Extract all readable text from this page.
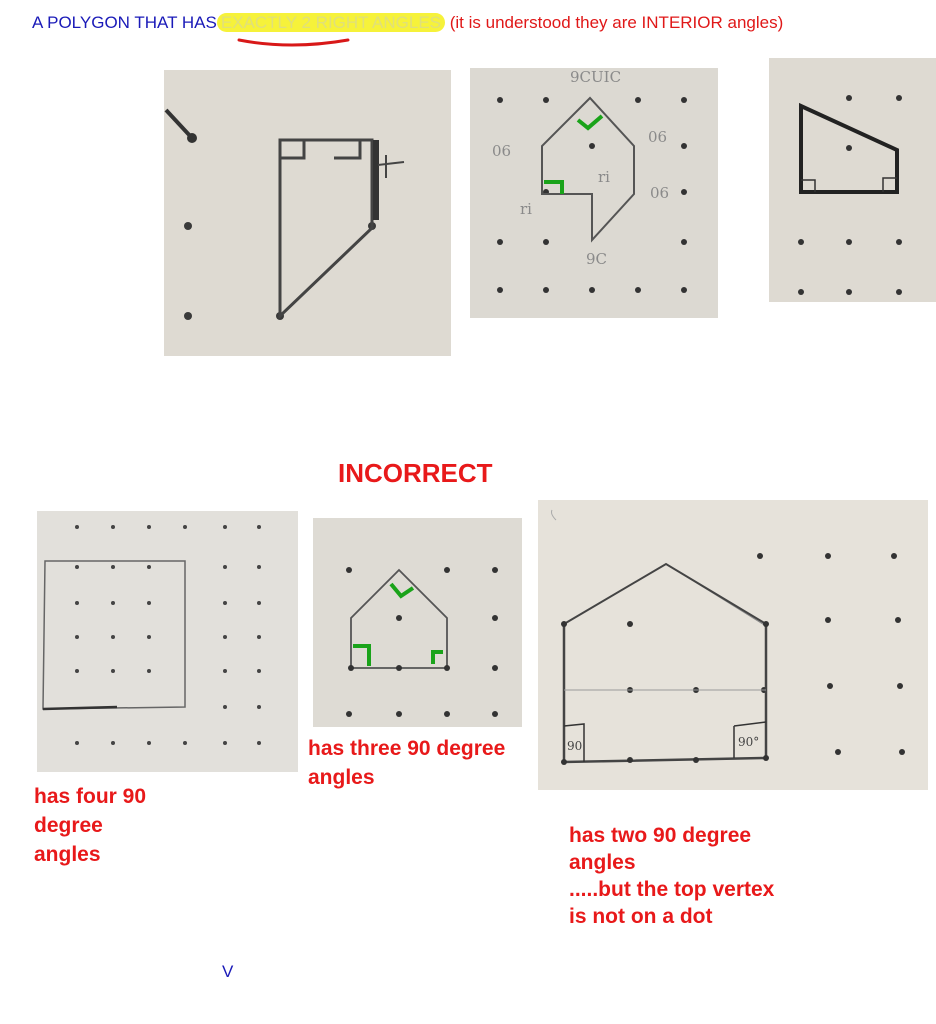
A POLYGON THAT HAS EXACTLY 2 RIGHT ANGLES (it is understood they are INTERIOR angles)
9CUIC
06
06
06
ri
ri
9C
INCORRECT
90	90°
has four 90
degree
angles
has three 90 degree
angles
has two 90 degree
angles
.....but the top vertex
is not on a dot
V
